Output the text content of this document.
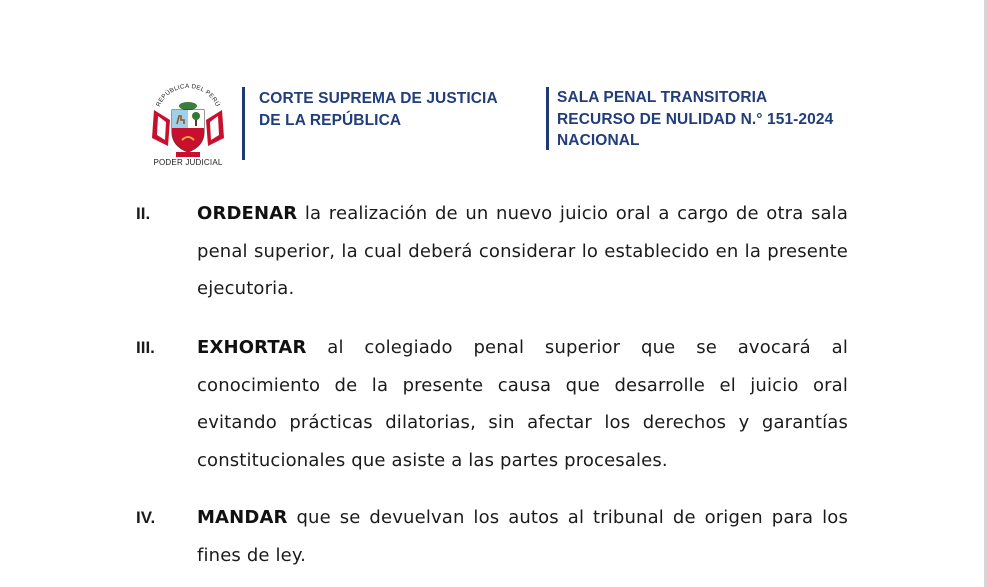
REPÚBLICA DEL PERÚ
PODER JUDICIAL
CORTE SUPREMA DE JUSTICIA
DE LA REPÚBLICA
SALA PENAL TRANSITORIA
RECURSO DE NULIDAD N.° 151-2024
NACIONAL
II.	ORDENAR la realización de un nuevo juicio oral a cargo de otra sala penal superior, la cual deberá considerar lo establecido en la presente ejecutoria.
III.	EXHORTAR al colegiado penal superior que se avocará al conocimiento de la presente causa que desarrolle el juicio oral evitando prácticas dilatorias, sin afectar los derechos y garantías constitucionales que asiste a las partes procesales.
IV.	MANDAR que se devuelvan los autos al tribunal de origen para los fines de ley.
